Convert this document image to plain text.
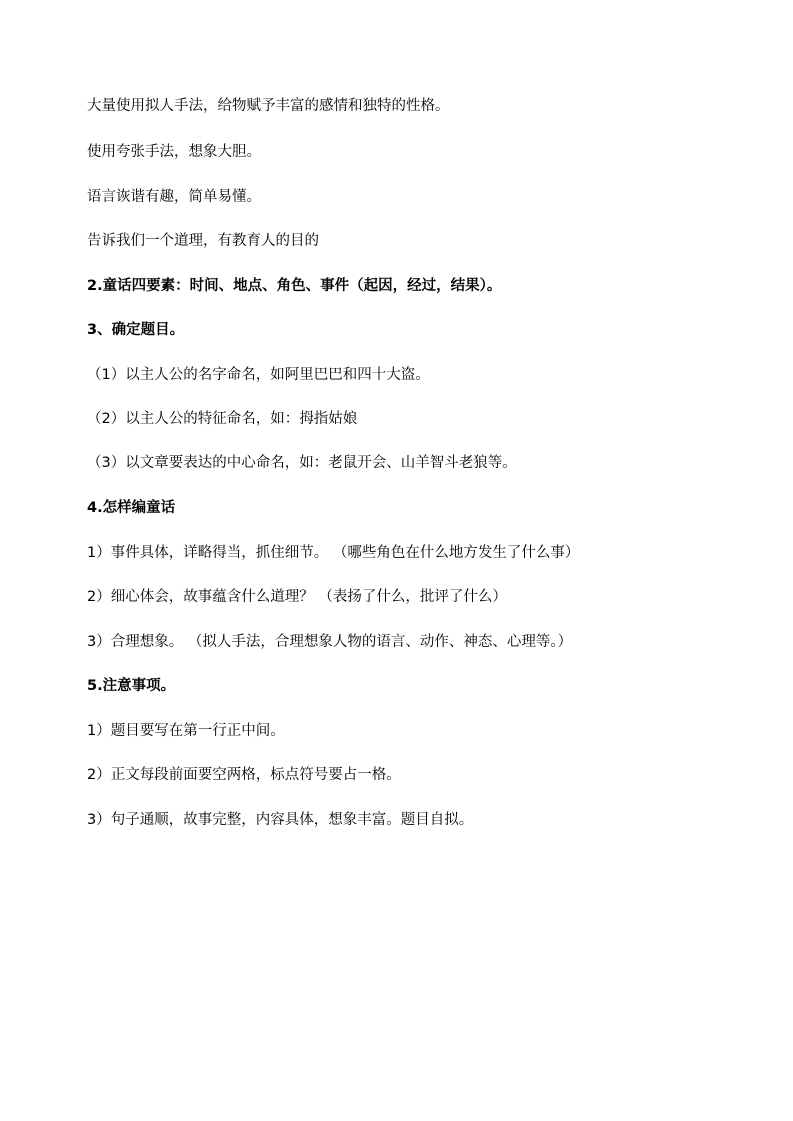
大量使用拟人手法，给物赋予丰富的感情和独特的性格。
使用夸张手法，想象大胆。
语言诙谐有趣，简单易懂。
告诉我们一个道理，有教育人的目的
2.童话四要素：时间、地点、角色、事件（起因，经过，结果）。
3、确定题目。
（1）以主人公的名字命名，如阿里巴巴和四十大盗。
（2）以主人公的特征命名，如：拇指姑娘
（3）以文章要表达的中心命名，如：老鼠开会、山羊智斗老狼等。
4.怎样编童话
1）事件具体，详略得当，抓住细节。 （哪些角色在什么地方发生了什么事）
2）细心体会，故事蕴含什么道理？ （表扬了什么，批评了什么）
3）合理想象。 （拟人手法，合理想象人物的语言、动作、神态、心理等。）
5.注意事项。
1）题目要写在第一行正中间。
2）正文每段前面要空两格，标点符号要占一格。
3）句子通顺，故事完整，内容具体，想象丰富。题目自拟。
